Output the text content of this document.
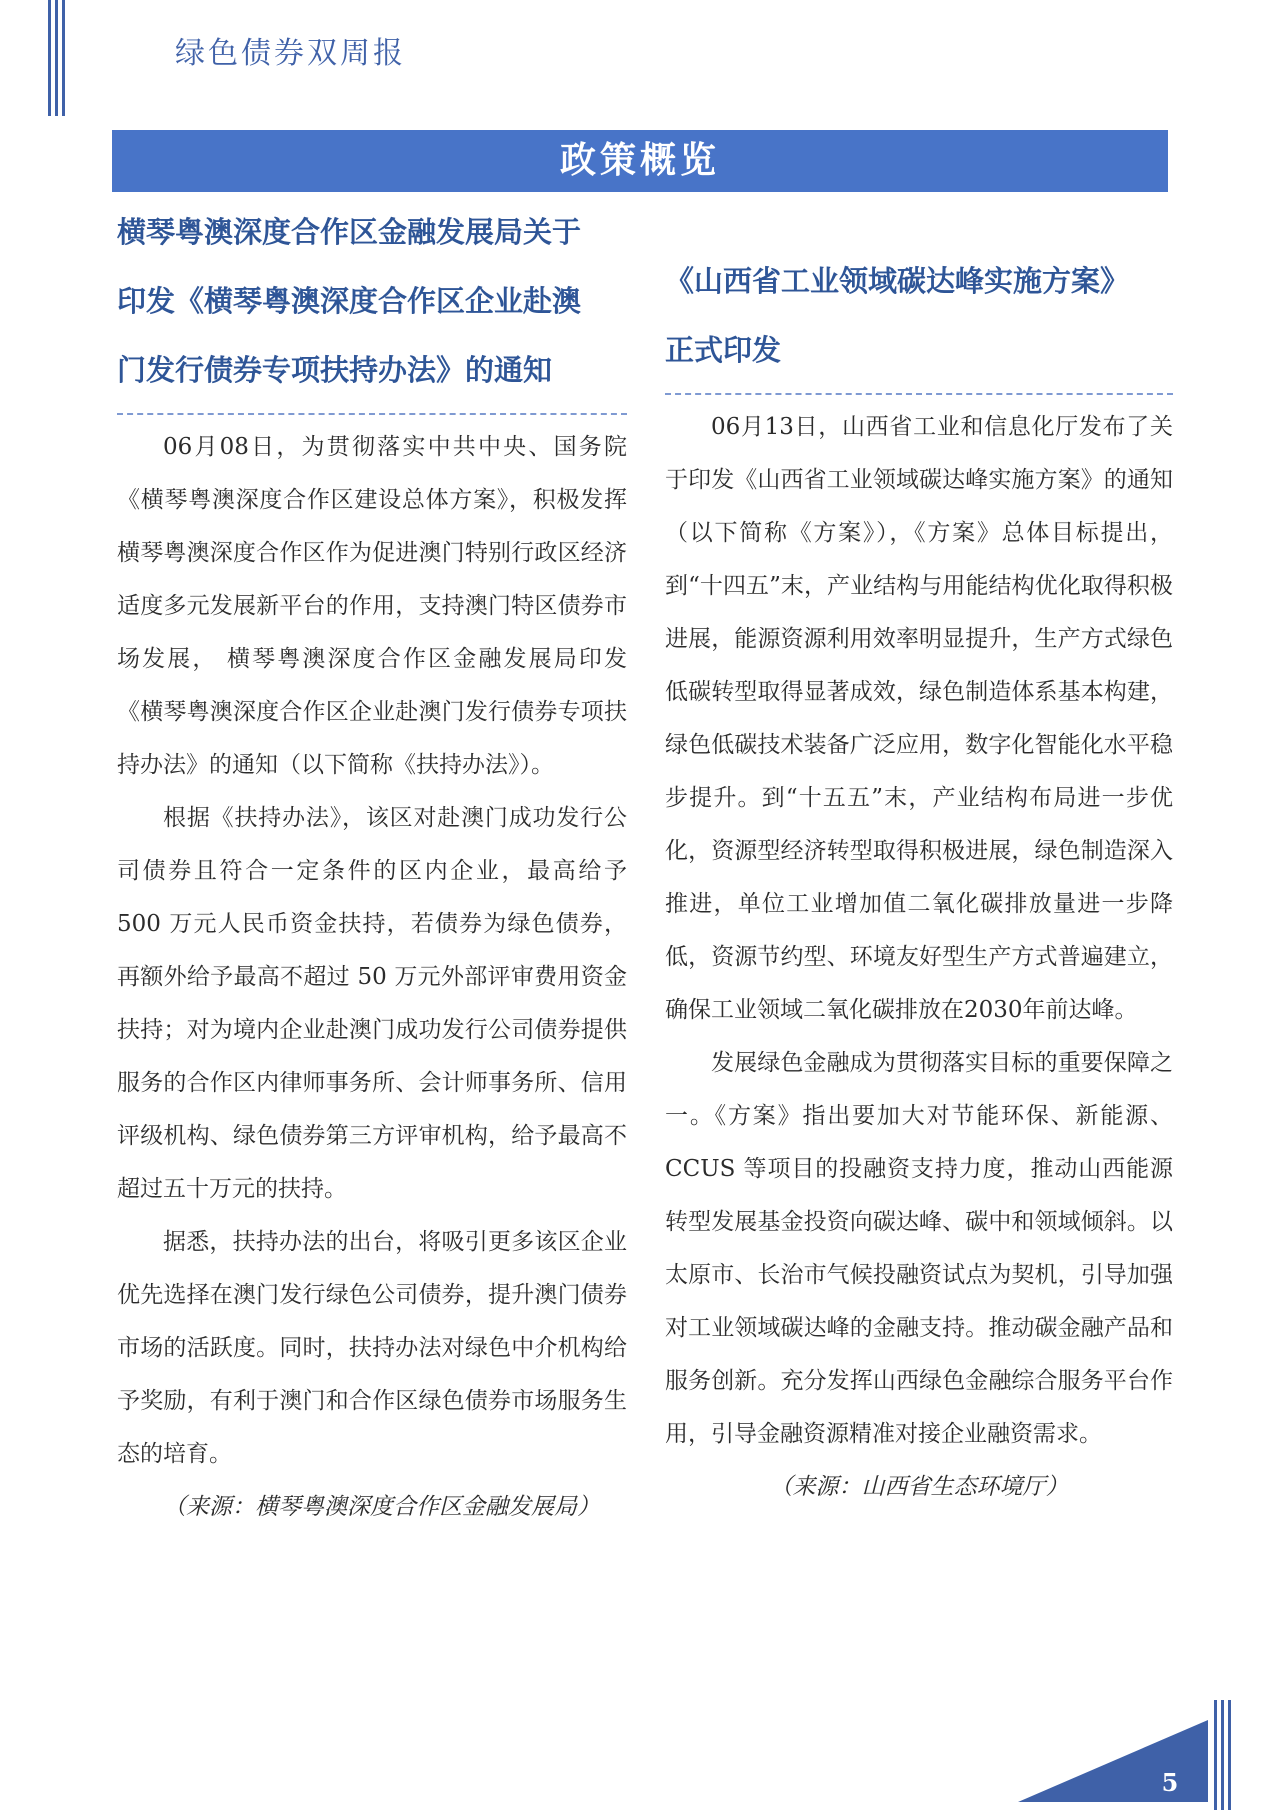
绿色债券双周报
政策概览
横琴粤澳深度合作区金融发展局关于
印发《横琴粤澳深度合作区企业赴澳
门发行债券专项扶持办法》的通知

06月08日，为贯彻落实中共中央、国务院《横琴粤澳深度合作区建设总体方案》，积极发挥横琴粤澳深度合作区作为促进澳门特别行政区经济适度多元发展新平台的作用，支持澳门特区债券市场发展， 横琴粤澳深度合作区金融发展局印发《横琴粤澳深度合作区企业赴澳门发行债券专项扶持办法》的通知（以下简称《扶持办法》）。

根据《扶持办法》，该区对赴澳门成功发行公司债券且符合一定条件的区内企业，最高给予 500 万元人民币资金扶持，若债券为绿色债券，再额外给予最高不超过 50 万元外部评审费用资金扶持；对为境内企业赴澳门成功发行公司债券提供服务的合作区内律师事务所、会计师事务所、信用评级机构、绿色债券第三方评审机构，给予最高不超过五十万元的扶持。

据悉，扶持办法的出台，将吸引更多该区企业优先选择在澳门发行绿色公司债券，提升澳门债券市场的活跃度。同时，扶持办法对绿色中介机构给予奖励，有利于澳门和合作区绿色债券市场服务生态的培育。

（来源：横琴粤澳深度合作区金融发展局）

《山西省工业领域碳达峰实施方案》
正式印发

06月13日，山西省工业和信息化厅发布了关于印发《山西省工业领域碳达峰实施方案》的通知（以下简称《方案》），《方案》总体目标提出，到“十四五”末，产业结构与用能结构优化取得积极进展，能源资源利用效率明显提升，生产方式绿色低碳转型取得显著成效，绿色制造体系基本构建，绿色低碳技术装备广泛应用，数字化智能化水平稳步提升。到“十五五”末，产业结构布局进一步优化，资源型经济转型取得积极进展，绿色制造深入推进，单位工业增加值二氧化碳排放量进一步降低，资源节约型、环境友好型生产方式普遍建立，确保工业领域二氧化碳排放在2030年前达峰。

发展绿色金融成为贯彻落实目标的重要保障之一。《方案》指出要加大对节能环保、新能源、CCUS 等项目的投融资支持力度，推动山西能源转型发展基金投资向碳达峰、碳中和领域倾斜。以太原市、长治市气候投融资试点为契机，引导加强对工业领域碳达峰的金融支持。推动碳金融产品和服务创新。充分发挥山西绿色金融综合服务平台作用，引导金融资源精准对接企业融资需求。

（来源：山西省生态环境厅）

5
